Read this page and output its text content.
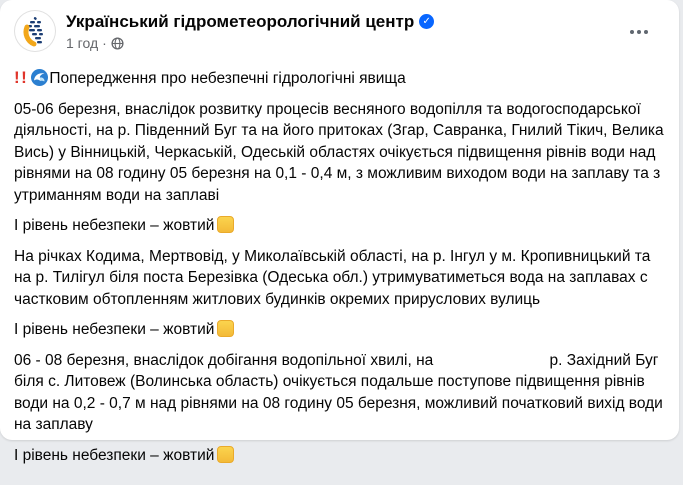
Український гідрометеорологічний центр ✓
1 год ·

!! Попередження про небезпечні гідрологічні явища

05-06 березня, внаслідок розвитку процесів весняного водопілля та водогосподарської діяльності, на р. Південний Буг та на його притоках (Згар, Савранка, Гнилий Тікич, Велика Вись) у Вінницькій, Черкаській, Одеській областях очікується підвищення рівнів води над рівнями на 08 годину 05 березня на 0,1 - 0,4 м, з можливим виходом води на заплаву та з утриманням води на заплаві

І рівень небезпеки – жовтий

На річках Кодима, Мертвовід, у Миколаївській області, на р. Інгул у м. Кропивницький та на р. Тилігул біля поста Березівка (Одеська обл.) утримуватиметься вода на заплавах с частковим обтопленням житлових будинків окремих прируслових вулиць

І рівень небезпеки – жовтий

06 - 08 березня, внаслідок добігання водопільної хвилі, на                           р. Західний Буг біля с. Литовеж (Волинська область) очікується подальше поступове підвищення рівнів води на 0,2 - 0,7 м над рівнями на 08 годину 05 березня, можливий початковий вихід води на заплаву

І рівень небезпеки – жовтий
